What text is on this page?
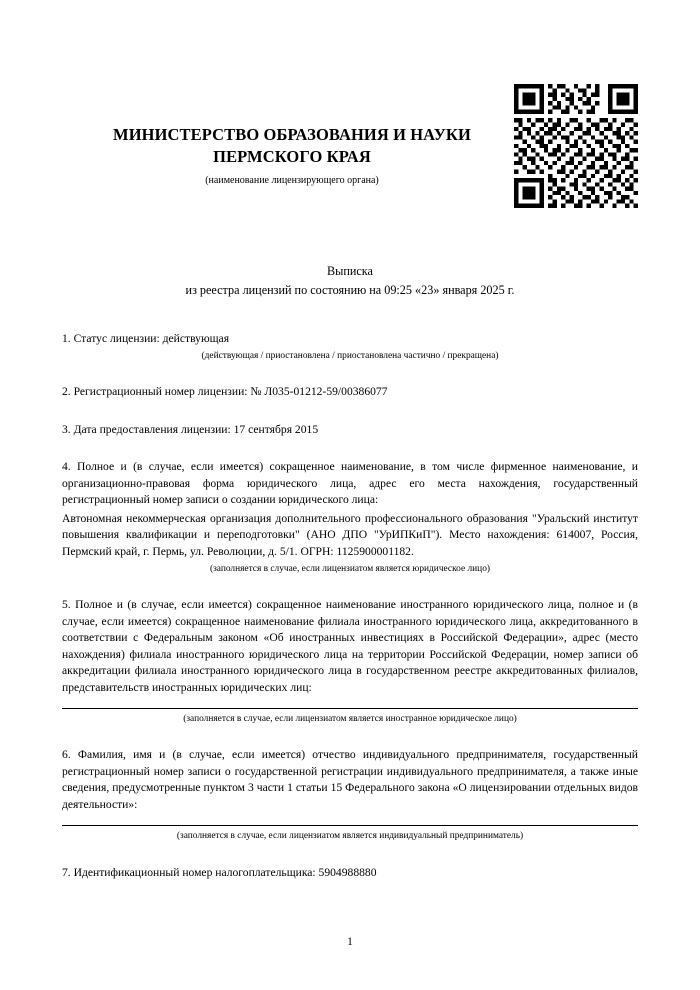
МИНИСТЕРСТВО ОБРАЗОВАНИЯ И НАУКИ ПЕРМСКОГО КРАЯ
(наименование лицензирующего органа)
Выписка
из реестра лицензий по состоянию на 09:25 «23» января 2025 г.
1. Статус лицензии: действующая
(действующая / приостановлена / приостановлена частично / прекращена)
2. Регистрационный номер лицензии: № Л035-01212-59/00386077
3. Дата предоставления лицензии: 17 сентября 2015
4. Полное и (в случае, если имеется) сокращенное наименование, в том числе фирменное наименование, и организационно-правовая форма юридического лица, адрес его места нахождения, государственный регистрационный номер записи о создании юридического лица:
Автономная некоммерческая организация дополнительного профессионального образования "Уральский институт повышения квалификации и переподготовки" (АНО ДПО "УрИПКиП"). Место нахождения: 614007, Россия, Пермский край, г. Пермь, ул. Революции, д. 5/1. ОГРН: 1125900001182.
(заполняется в случае, если лицензиатом является юридическое лицо)
5. Полное и (в случае, если имеется) сокращенное наименование иностранного юридического лица, полное и (в случае, если имеется) сокращенное наименование филиала иностранного юридического лица, аккредитованного в соответствии с Федеральным законом «Об иностранных инвестициях в Российской Федерации», адрес (место нахождения) филиала иностранного юридического лица на территории Российской Федерации, номер записи об аккредитации филиала иностранного юридического лица в государственном реестре аккредитованных филиалов, представительств иностранных юридических лиц:
(заполняется в случае, если лицензиатом является иностранное юридическое лицо)
6. Фамилия, имя и (в случае, если имеется) отчество индивидуального предпринимателя, государственный регистрационный номер записи о государственной регистрации индивидуального предпринимателя, а также иные сведения, предусмотренные пунктом 3 части 1 статьи 15 Федерального закона «О лицензировании отдельных видов деятельности»:
(заполняется в случае, если лицензиатом является индивидуальный предприниматель)
7. Идентификационный номер налогоплательщика: 5904988880
1
